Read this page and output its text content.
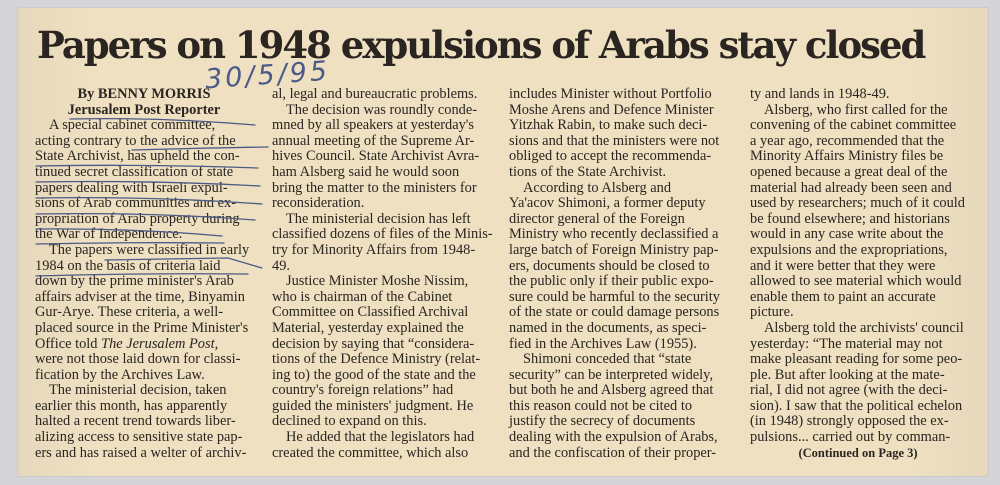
Papers on 1948 expulsions of Arabs stay closed
30/5/95
By BENNY MORRIS
Jerusalem Post Reporter
A special cabinet committee,
acting contrary to the advice of the
State Archivist, has upheld the con-
tinued secret classification of state
papers dealing with Israeli expul-
sions of Arab communities and ex-
propriation of Arab property during
the War of Independence.
The papers were classified in early
1984 on the basis of criteria laid
down by the prime minister's Arab
affairs adviser at the time, Binyamin
Gur-Arye. These criteria, a well-
placed source in the Prime Minister's
Office told The Jerusalem Post,
were not those laid down for classi-
fication by the Archives Law.
The ministerial decision, taken
earlier this month, has apparently
halted a recent trend towards liber-
alizing access to sensitive state pap-
ers and has raised a welter of archiv-
al, legal and bureaucratic problems.
The decision was roundly conde-
mned by all speakers at yesterday's
annual meeting of the Supreme Ar-
hives Council. State Archivist Avra-
ham Alsberg said he would soon
bring the matter to the ministers for
reconsideration.
The ministerial decision has left
classified dozens of files of the Minis-
try for Minority Affairs from 1948-
49.
Justice Minister Moshe Nissim,
who is chairman of the Cabinet
Committee on Classified Archival
Material, yesterday explained the
decision by saying that “considera-
tions of the Defence Ministry (relat-
ing to) the good of the state and the
country's foreign relations” had
guided the ministers' judgment. He
declined to expand on this.
He added that the legislators had
created the committee, which also
includes Minister without Portfolio
Moshe Arens and Defence Minister
Yitzhak Rabin, to make such deci-
sions and that the ministers were not
obliged to accept the recommenda-
tions of the State Archivist.
According to Alsberg and
Ya'acov Shimoni, a former deputy
director general of the Foreign
Ministry who recently declassified a
large batch of Foreign Ministry pap-
ers, documents should be closed to
the public only if their public expo-
sure could be harmful to the security
of the state or could damage persons
named in the documents, as speci-
fied in the Archives Law (1955).
Shimoni conceded that “state
security” can be interpreted widely,
but both he and Alsberg agreed that
this reason could not be cited to
justify the secrecy of documents
dealing with the expulsion of Arabs,
and the confiscation of their proper-
ty and lands in 1948-49.
Alsberg, who first called for the
convening of the cabinet committee
a year ago, recommended that the
Minority Affairs Ministry files be
opened because a great deal of the
material had already been seen and
used by researchers; much of it could
be found elsewhere; and historians
would in any case write about the
expulsions and the expropriations,
and it were better that they were
allowed to see material which would
enable them to paint an accurate
picture.
Alsberg told the archivists' council
yesterday: “The material may not
make pleasant reading for some peo-
ple. But after looking at the mate-
rial, I did not agree (with the deci-
sion). I saw that the political echelon
(in 1948) strongly opposed the ex-
pulsions... carried out by comman-
(Continued on Page 3)
